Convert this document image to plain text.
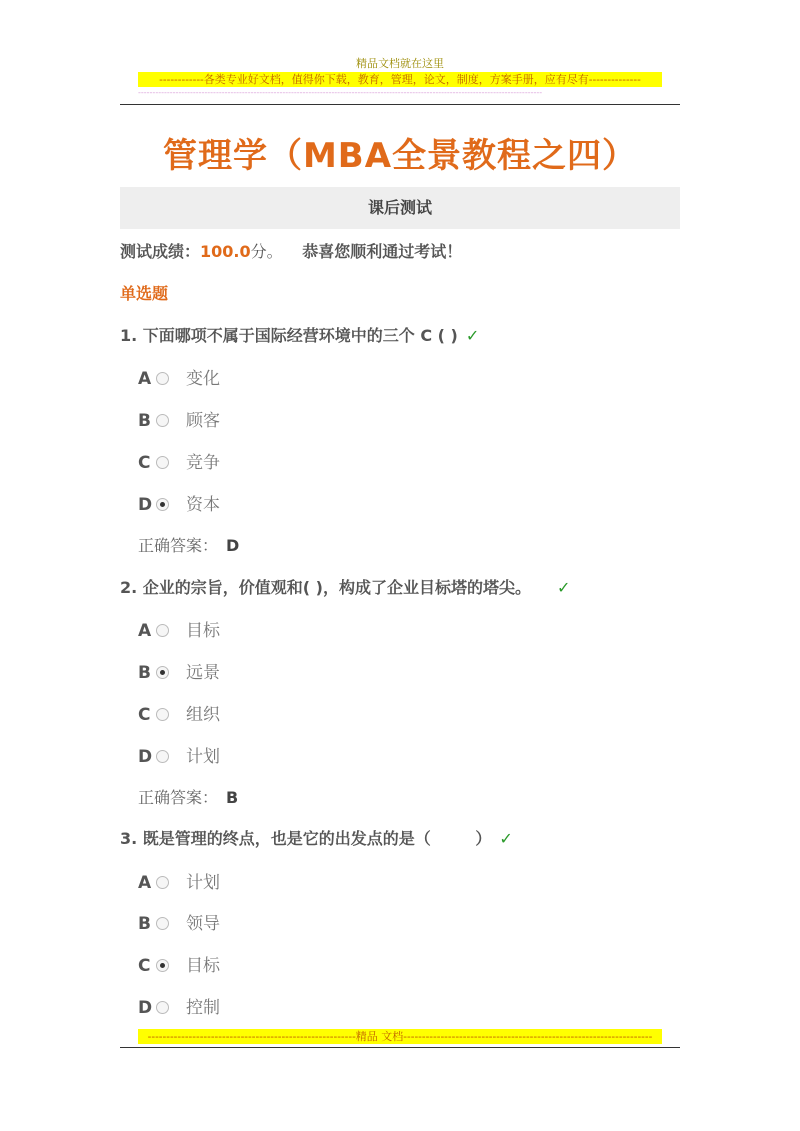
精品文档就在这里
------------各类专业好文档，值得你下载，教育，管理，论文，制度，方案手册，应有尽有--------------
--------------------------------------------------------------------------------------------------------------------------------------------
管理学（MBA全景教程之四）
课后测试
测试成绩：100.0分。 恭喜您顺利通过考试！
单选题
1. 下面哪项不属于国际经营环境中的三个 C ( ) ✓
A 变化
B 顾客
C 竞争
D 资本
正确答案： D
2. 企业的宗旨，价值观和( )，构成了企业目标塔的塔尖。 ✓
A 目标
B 远景
C 组织
D 计划
正确答案： B
3. 既是管理的终点，也是它的出发点的是（        ） ✓
A 计划
B 领导
C 目标
D 控制
--------------------------------------------------------精品 文档-------------------------------------------------------------------
